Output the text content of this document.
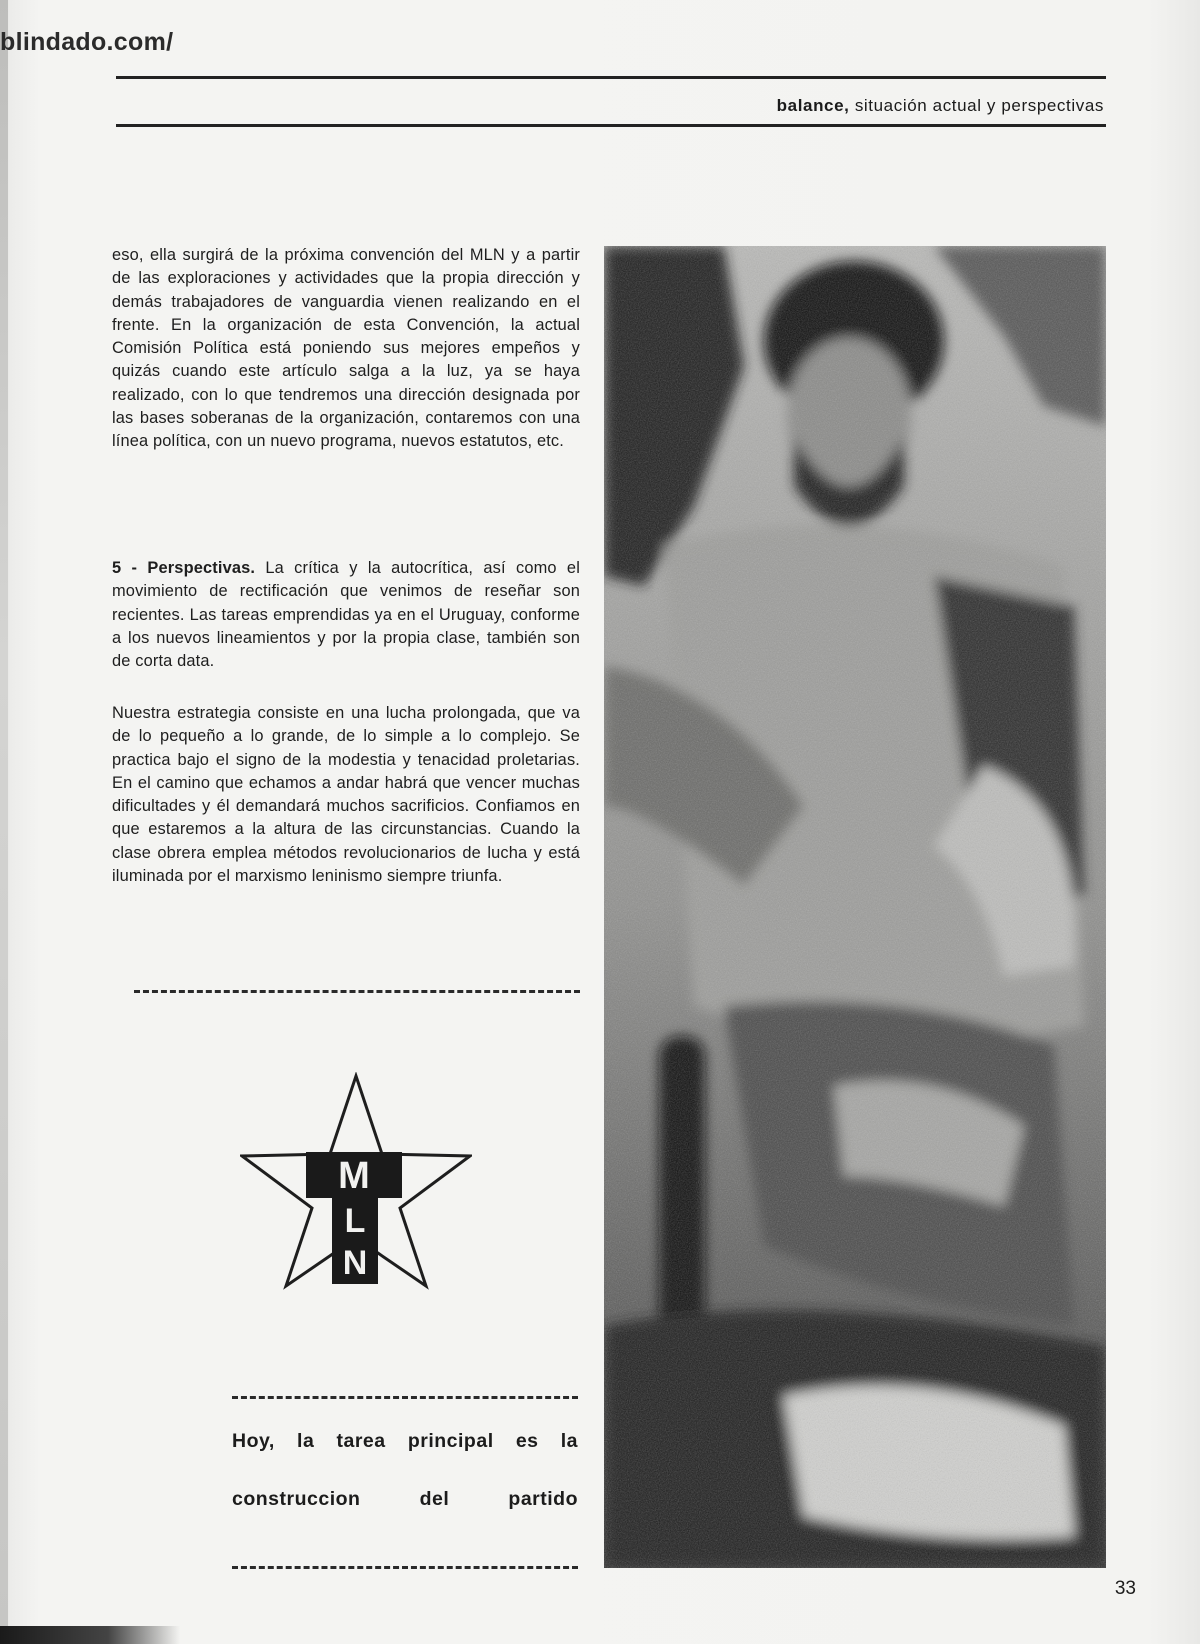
blindado.com/
balance, situación actual y perspectivas
eso, ella surgirá de la próxima convención del MLN y a partir de las exploraciones y actividades que la propia dirección y demás trabajadores de vanguardia vienen realizando en el frente. En la organización de esta Convención, la actual Comisión Política está poniendo sus mejores empeños y quizás cuando este artículo salga a la luz, ya se haya realizado, con lo que tendremos una dirección designada por las bases soberanas de la organización, contaremos con una línea política, con un nuevo programa, nuevos estatutos, etc.
5 - Perspectivas. La crítica y la autocrítica, así como el movimiento de rectificación que venimos de reseñar son recientes. Las tareas emprendidas ya en el Uruguay, conforme a los nuevos lineamientos y por la propia clase, también son de corta data.
Nuestra estrategia consiste en una lucha prolongada, que va de lo pequeño a lo grande, de lo simple a lo complejo. Se practica bajo el signo de la modestia y tenacidad proletarias. En el camino que echamos a andar habrá que vencer muchas dificultades y él demandará muchos sacrificios. Confiamos en que estaremos a la altura de las circunstancias. Cuando la clase obrera emplea métodos revolucionarios de lucha y está iluminada por el marxismo leninismo siempre triunfa.
M
L
N
Hoy, la tarea principal es la
construccion del partido
33
